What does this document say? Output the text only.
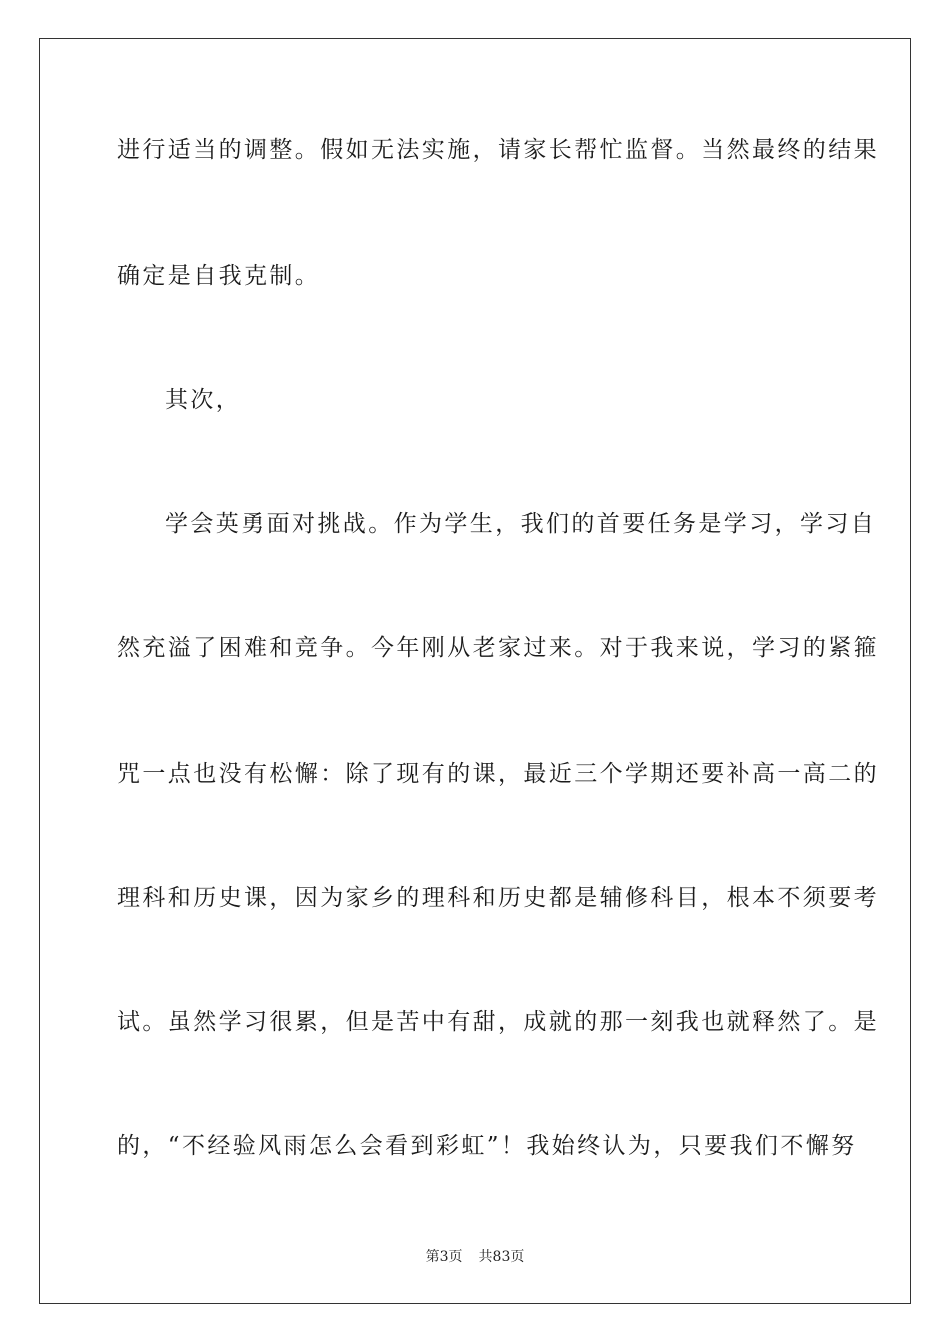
进行适当的调整。假如无法实施，请家长帮忙监督。当然最终的结果
确定是自我克制。
其次，
学会英勇面对挑战。作为学生，我们的首要任务是学习，学习自
然充溢了困难和竞争。今年刚从老家过来。对于我来说，学习的紧箍
咒一点也没有松懈：除了现有的课，最近三个学期还要补高一高二的
理科和历史课，因为家乡的理科和历史都是辅修科目，根本不须要考
试。虽然学习很累，但是苦中有甜，成就的那一刻我也就释然了。是
的，“不经验风雨怎么会看到彩虹”！我始终认为，只要我们不懈努
第3页 共83页
